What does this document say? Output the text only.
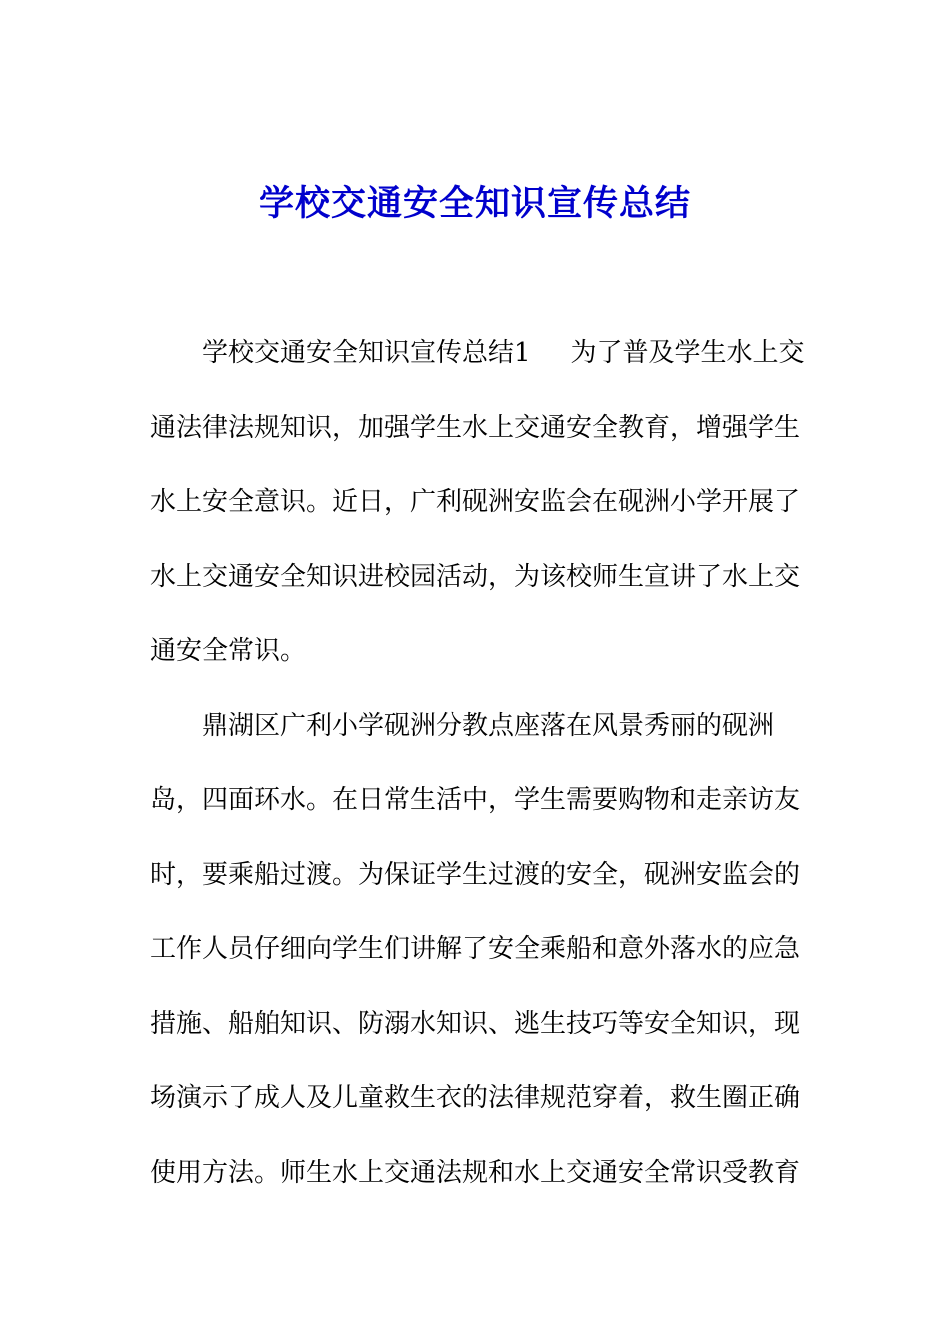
学校交通安全知识宣传总结
学校交通安全知识宣传总结1 为了普及学生水上交
通法律法规知识，加强学生水上交通安全教育，增强学生
水上安全意识。近日，广利砚洲安监会在砚洲小学开展了
水上交通安全知识进校园活动，为该校师生宣讲了水上交
通安全常识。
鼎湖区广利小学砚洲分教点座落在风景秀丽的砚洲
岛，四面环水。在日常生活中，学生需要购物和走亲访友
时，要乘船过渡。为保证学生过渡的安全，砚洲安监会的
工作人员仔细向学生们讲解了安全乘船和意外落水的应急
措施、船舶知识、防溺水知识、逃生技巧等安全知识，现
场演示了成人及儿童救生衣的法律规范穿着，救生圈正确
使用方法。师生水上交通法规和水上交通安全常识受教育
